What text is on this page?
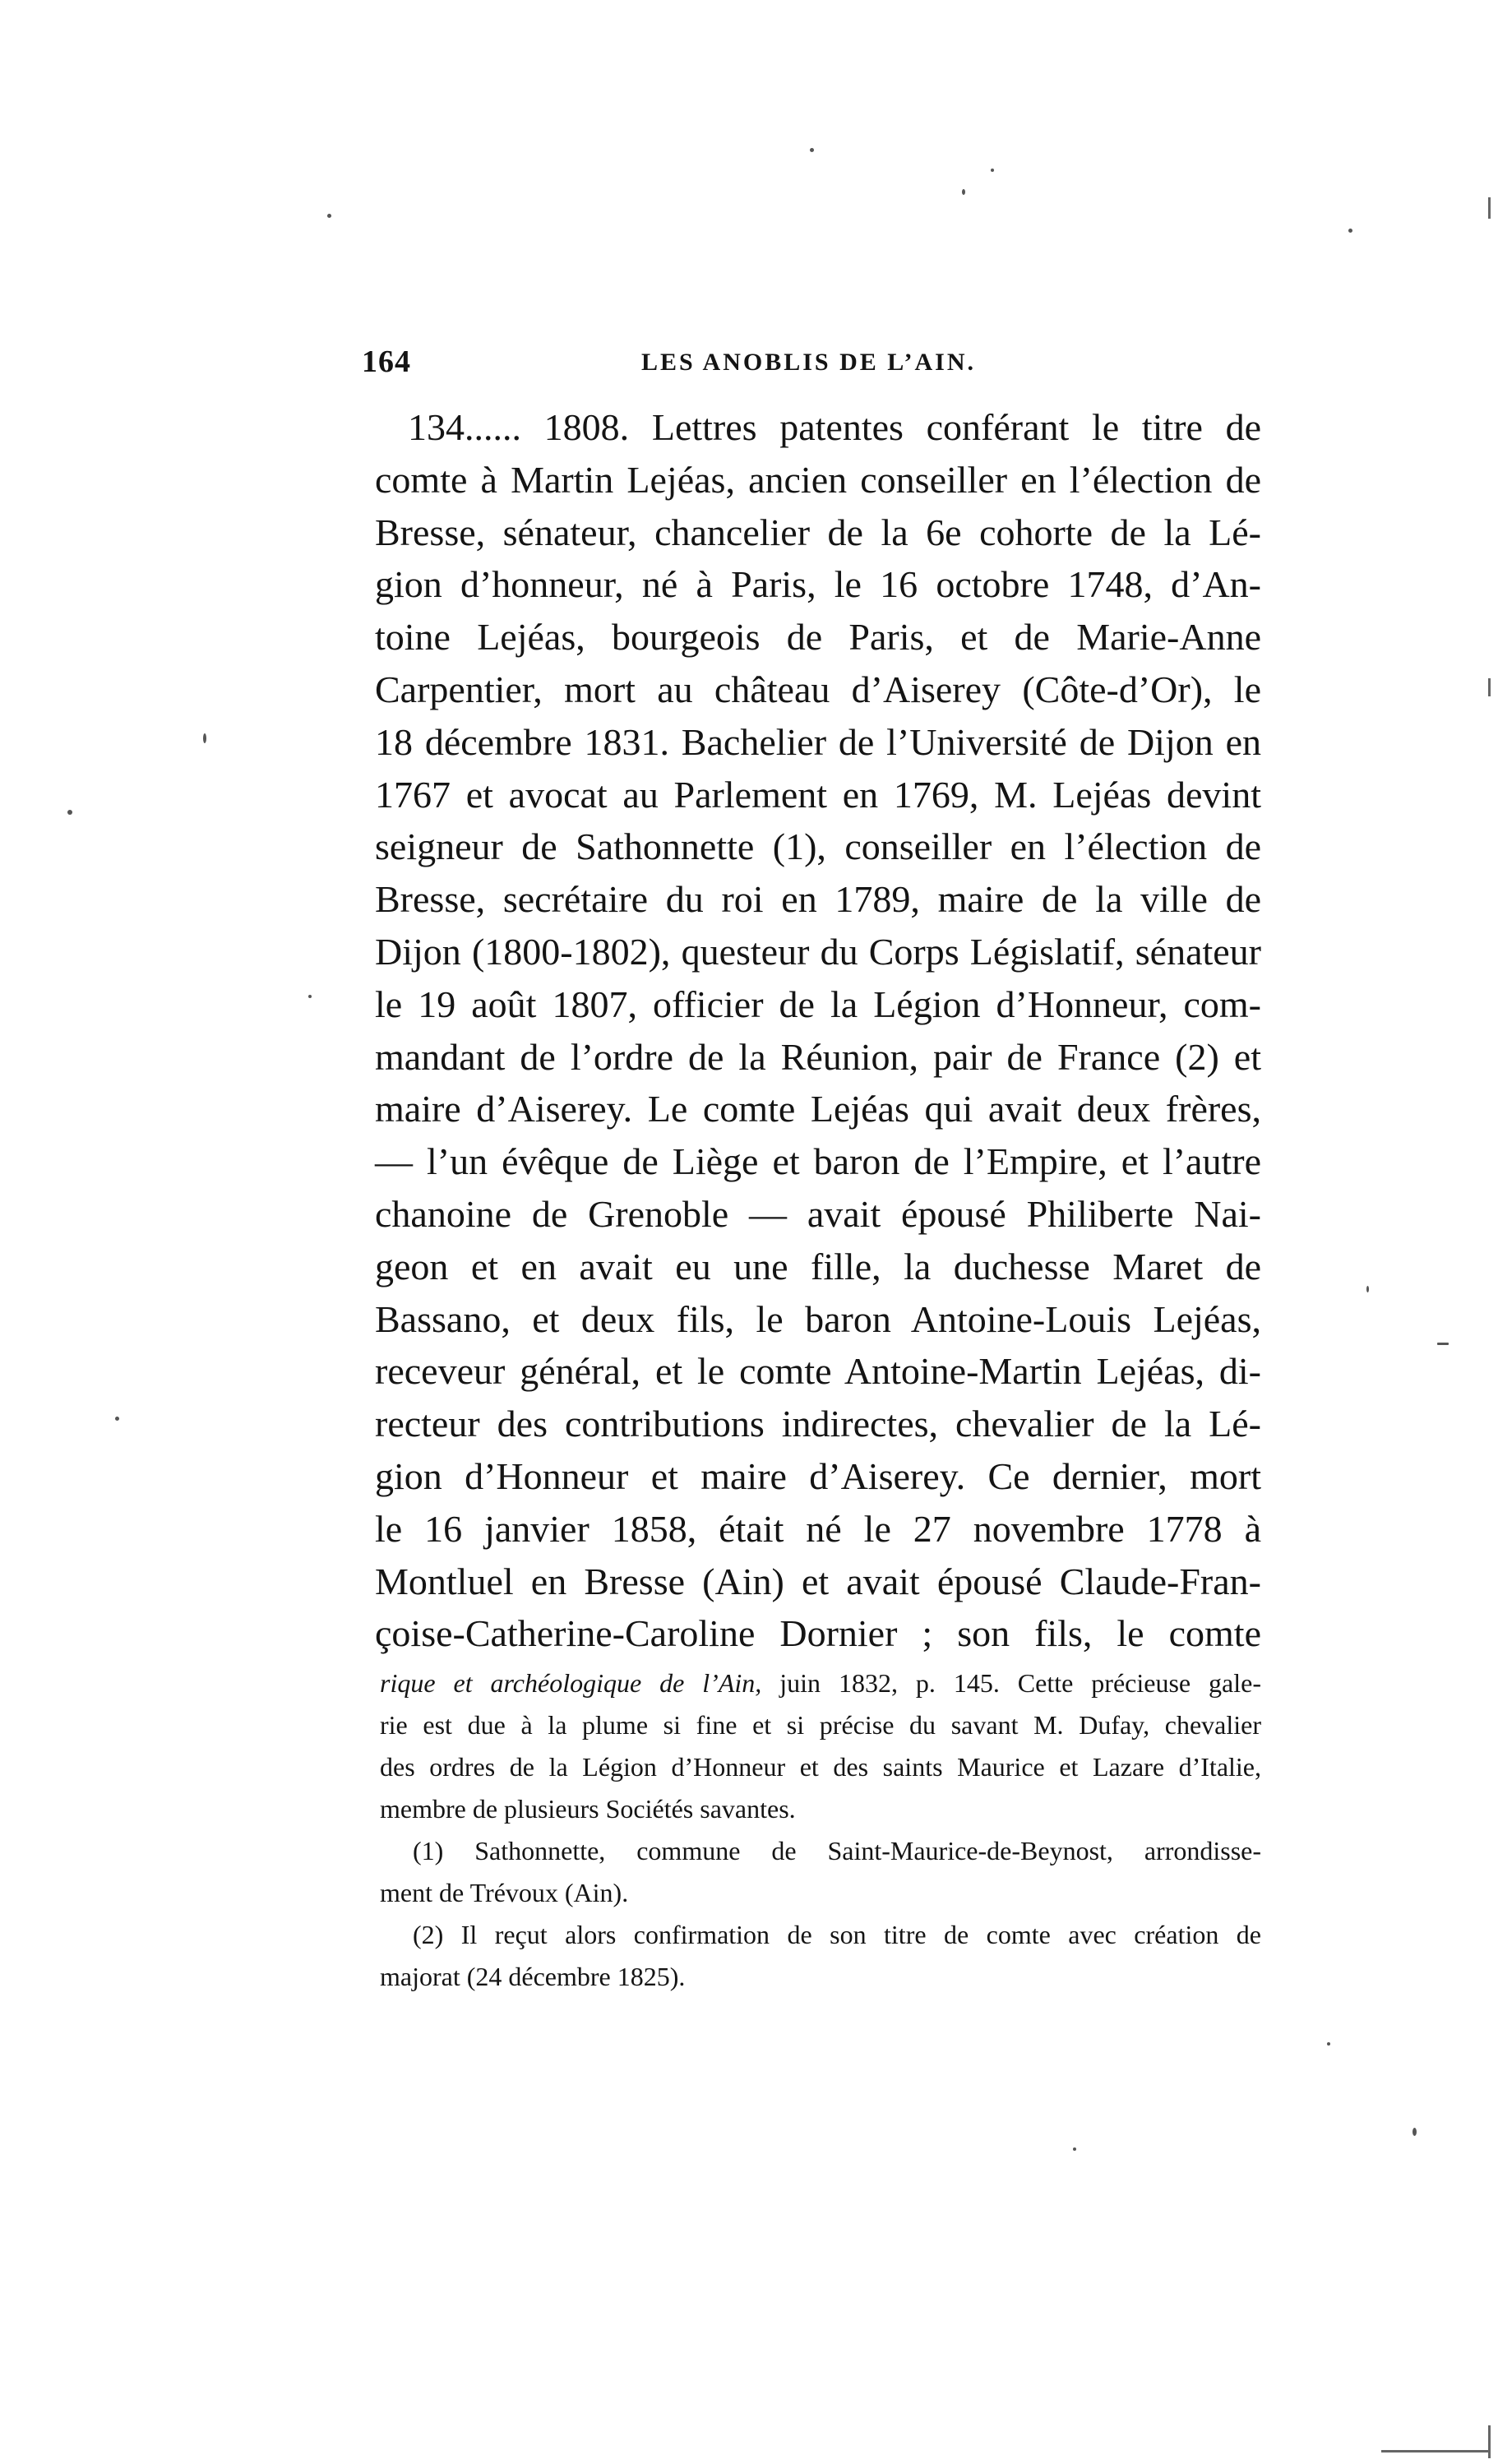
164	LES ANOBLIS DE L’AIN.
134...... 1808. Lettres patentes conférant le titre de
comte à Martin Lejéas, ancien conseiller en l’élection de
Bresse, sénateur, chancelier de la 6e cohorte de la Lé-
gion d’honneur, né à Paris, le 16 octobre 1748, d’An-
toine Lejéas, bourgeois de Paris, et de Marie-Anne
Carpentier, mort au château d’Aiserey (Côte-d’Or), le
18 décembre 1831. Bachelier de l’Université de Dijon en
1767 et avocat au Parlement en 1769, M. Lejéas devint
seigneur de Sathonnette (1), conseiller en l’élection de
Bresse, secrétaire du roi en 1789, maire de la ville de
Dijon (1800-1802), questeur du Corps Législatif, sénateur
le 19 août 1807, officier de la Légion d’Honneur, com-
mandant de l’ordre de la Réunion, pair de France (2) et
maire d’Aiserey. Le comte Lejéas qui avait deux frères,
— l’un évêque de Liège et baron de l’Empire, et l’autre
chanoine de Grenoble — avait épousé Philiberte Nai-
geon et en avait eu une fille, la duchesse Maret de
Bassano, et deux fils, le baron Antoine-Louis Lejéas,
receveur général, et le comte Antoine-Martin Lejéas, di-
recteur des contributions indirectes, chevalier de la Lé-
gion d’Honneur et maire d’Aiserey. Ce dernier, mort
le 16 janvier 1858, était né le 27 novembre 1778 à
Montluel en Bresse (Ain) et avait épousé Claude-Fran-
çoise-Catherine-Caroline Dornier ; son fils, le comte
rique et archéologique de l’Ain, juin 1832, p. 145. Cette précieuse gale-
rie est due à la plume si fine et si précise du savant M. Dufay, chevalier
des ordres de la Légion d’Honneur et des saints Maurice et Lazare d’Italie,
membre de plusieurs Sociétés savantes.
(1) Sathonnette, commune de Saint-Maurice-de-Beynost, arrondisse-
ment de Trévoux (Ain).
(2) Il reçut alors confirmation de son titre de comte avec création de
majorat (24 décembre 1825).
